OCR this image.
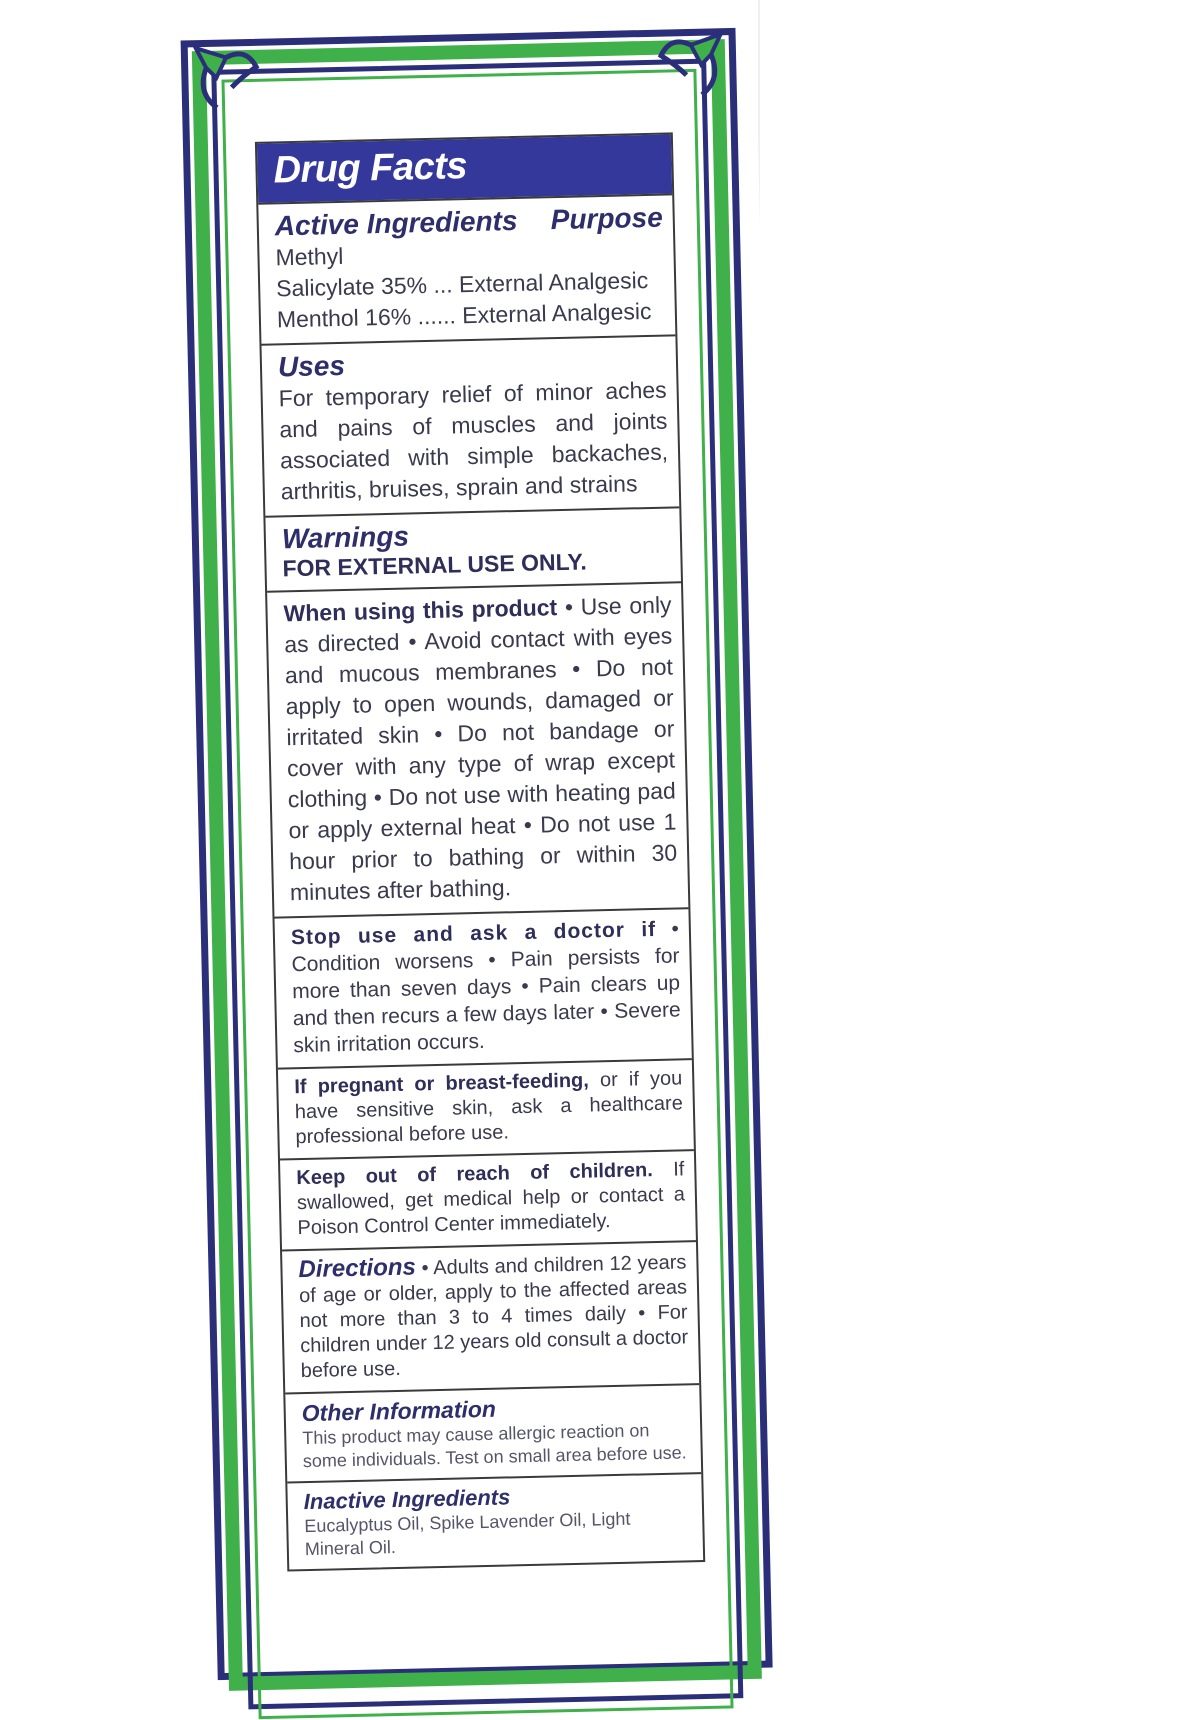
Drug Facts
Active Ingredients Purpose
Methyl
Salicylate 35% ... External Analgesic
Menthol 16% ...... External Analgesic
Uses
For temporary relief of minor aches and pains of muscles and joints associated with simple backaches, arthritis, bruises, sprain and strains
Warnings
FOR EXTERNAL USE ONLY.
When using this product • Use only as directed • Avoid contact with eyes and mucous membranes • Do not apply to open wounds, damaged or irritated skin • Do not bandage or cover with any type of wrap except clothing • Do not use with heating pad or apply external heat • Do not use 1 hour prior to bathing or within 30 minutes after bathing.
Stop use and ask a doctor if • Condition worsens • Pain persists for more than seven days • Pain clears up and then recurs a few days later • Severe skin irritation occurs.
If pregnant or breast-feeding, or if you have sensitive skin, ask a healthcare professional before use.
Keep out of reach of children. If swallowed, get medical help or contact a Poison Control Center immediately.
Directions • Adults and children 12 years of age or older, apply to the affected areas not more than 3 to 4 times daily • For children under 12 years old consult a doctor before use.
Other Information
This product may cause allergic reaction on some individuals. Test on small area before use.
Inactive Ingredients
Eucalyptus Oil, Spike Lavender Oil, Light Mineral Oil.
